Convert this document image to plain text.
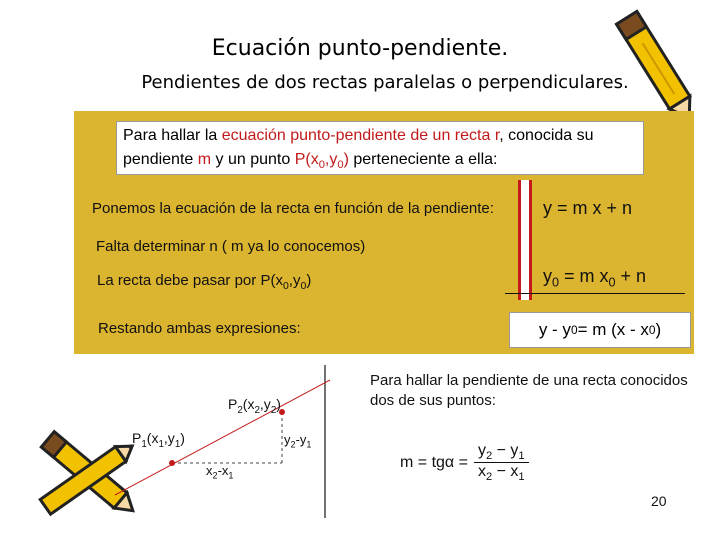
Ecuación punto-pendiente.
Pendientes de dos rectas paralelas o perpendiculares.
Para hallar la ecuación punto-pendiente de un recta r, conocida su pendiente m y un punto $P(x_0,y_0)$ perteneciente a ella:
Ponemos la ecuación de la recta en función de la pendiente:	y = m x + n
Falta determinar n ( m ya lo conocemos)
La recta debe pasar por $P(x_0,y_0)$	$y_0 = m$ $x_0 + n$
Restando ambas expresiones:	y - y 0 = m (x - x 0 )
$P_2(x_2,y_2)$
$P_1(x_1,y_1)$	$y_2-y_1$
$x_2-x_1$
Para hallar la pendiente de una recta conocidos dos de sus puntos:
$m = tg\alpha = \frac{y_2 - y_1}{x_2 - x_1}$
20
